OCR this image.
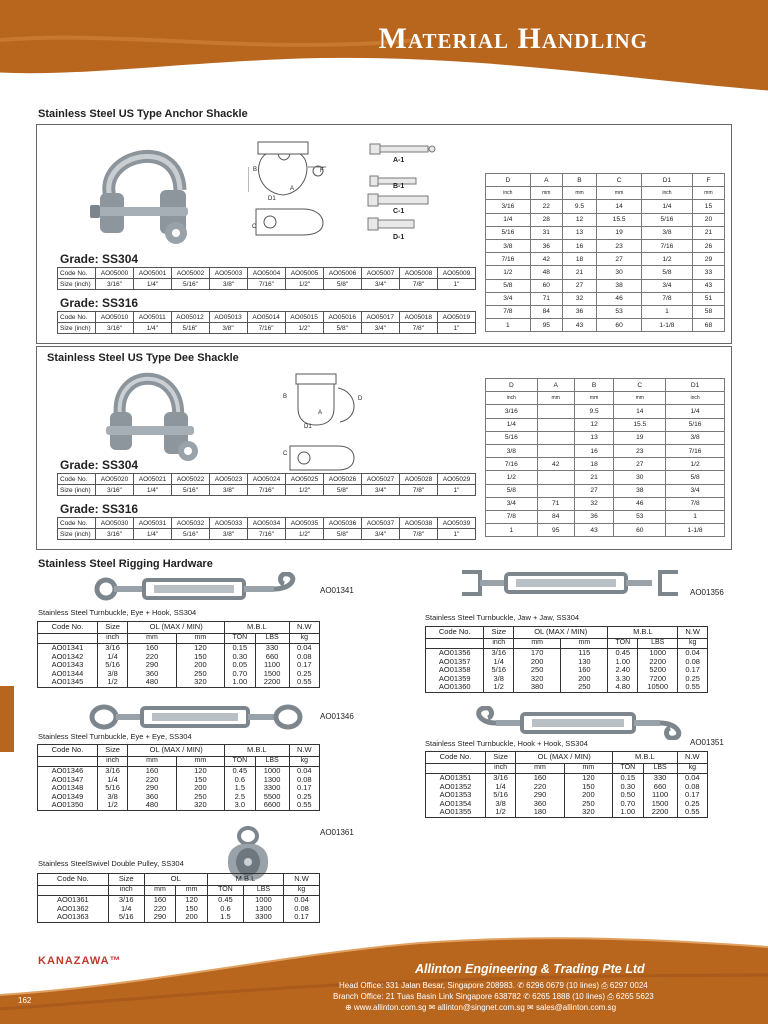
Material Handling
Stainless Steel US Type Anchor Shackle
B
D1
F
C
A
A-1
B-1
C-1
D-1
Grade: SS304
Code No.	AO05000	AO05001	AO05002	AO05003	AO05004	AO05005	AO05006	AO05007	AO05008	AO05009
Size (inch)	3/16"	1/4"	5/16"	3/8"	7/16"	1/2"	5/8"	3/4"	7/8"	1"
Grade: SS316
Code No.	AO05010	AO05011	AO05012	AO05013	AO05014	AO05015	AO05016	AO05017	AO05018	AO05019
Size (inch)	3/16"	1/4"	5/16"	3/8"	7/16"	1/2"	5/8"	3/4"	7/8"	1"
D	A	B	C	D1	F
inch	mm	mm	mm	inch	mm
3/16	22	9.5	14	1/4	15
1/4	28	12	15.5	5/16	20
5/16	31	13	19	3/8	21
3/8	36	16	23	7/16	26
7/16	42	18	27	1/2	29
1/2	48	21	30	5/8	33
5/8	60	27	38	3/4	43
3/4	71	32	46	7/8	51
7/8	84	36	53	1	58
1	95	43	60	1-1/8	68
Stainless Steel US Type Dee Shackle
B
D1
C
A
D
Grade: SS304
Code No.	AO05020	AO05021	AO05022	AO05023	AO05024	AO05025	AO05026	AO05027	AO05028	AO05029
Size (inch)	3/16"	1/4"	5/16"	3/8"	7/16"	1/2"	5/8"	3/4"	7/8"	1"
Grade: SS316
Code No.	AO05030	AO05031	AO05032	AO05033	AO05034	AO05035	AO05036	AO05037	AO05038	AO05039
Size (inch)	3/16"	1/4"	5/16"	3/8"	7/16"	1/2"	5/8"	3/4"	7/8"	1"
D	A	B	C	D1
inch	mm	mm	mm	inch
3/16		9.5	14	1/4
1/4		12	15.5	5/16
5/16		13	19	3/8
3/8		16	23	7/16
7/16	42	18	27	1/2
1/2		21	30	5/8
5/8		27	38	3/4
3/4	71	32	46	7/8
7/8	84	36	53	1
1	95	43	60	1-1/8
Stainless Steel Rigging Hardware
AO01341
Stainless Steel Turnbuckle, Eye + Hook, SS304
Code No.	Size	OL (MAX / MIN)		M.B.L		N.W
	inch	mm	mm	TON	LBS	kg
AO01341	3/16	160	120	0.15	330	0.04
AO01342	1/4	220	150	0.30	660	0.08
AO01343	5/16	290	200	0.05	1100	0.17
AO01344	3/8	360	250	0.70	1500	0.25
AO01345	1/2	480	320	1.00	2200	0.55
AO01346
Stainless Steel Turnbuckle, Eye + Eye, SS304
Code No.	Size	OL (MAX / MIN)		M.B.L		N.W
	inch	mm	mm	TON	LBS	kg
AO01346	3/16	160	120	0.45	1000	0.04
AO01347	1/4	220	150	0.6	1300	0.08
AO01348	5/16	290	200	1.5	3300	0.17
AO01349	3/8	360	250	2.5	5500	0.25
AO01350	1/2	480	320	3.0	6600	0.55
AO01361
Stainless SteelSwivel Double Pulley, SS304
Code No.	Size	OL		M.B.L		N.W
	inch	mm	mm	TON	LBS	kg
AO01361	3/16	160	120	0.45	1000	0.04
AO01362	1/4	220	150	0.6	1300	0.08
AO01363	5/16	290	200	1.5	3300	0.17
AO01356
Stainless Steel Turnbuckle, Jaw + Jaw, SS304
Code No.	Size	OL (MAX / MIN)		M.B.L		N.W
	inch	mm	mm	TON	LBS	kg
AO01356	3/16	170	115	0.45	1000	0.04
AO01357	1/4	200	130	1.00	2200	0.08
AO01358	5/16	250	160	2.40	5200	0.17
AO01359	3/8	320	200	3.30	7200	0.25
AO01360	1/2	380	250	4.80	10500	0.55
AO01351
Stainless Steel Turnbuckle, Hook + Hook, SS304
Code No.	Size	OL (MAX / MIN)		M.B.L		N.W
	inch	mm	mm	TON	LBS	kg
AO01351	3/16	160	120	0.15	330	0.04
AO01352	1/4	220	150	0.30	660	0.08
AO01353	5/16	290	200	0.50	1100	0.17
AO01354	3/8	360	250	0.70	1500	0.25
AO01355	1/2	180	320	1.00	2200	0.55
KANAZAWA™
Allinton Engineering & Trading Pte Ltd
Head Office: 331 Jalan Besar, Singapore 208983. ✆ 6296 0679 (10 lines) ⎙ 6297 0024
Branch Office: 21 Tuas Basin Link Singapore 638782 ✆ 6265 1888 (10 lines) ⎙ 6265 5623
⊕ www.allinton.com.sg ✉ allinton@singnet.com.sg ✉ sales@allinton.com.sg
162
